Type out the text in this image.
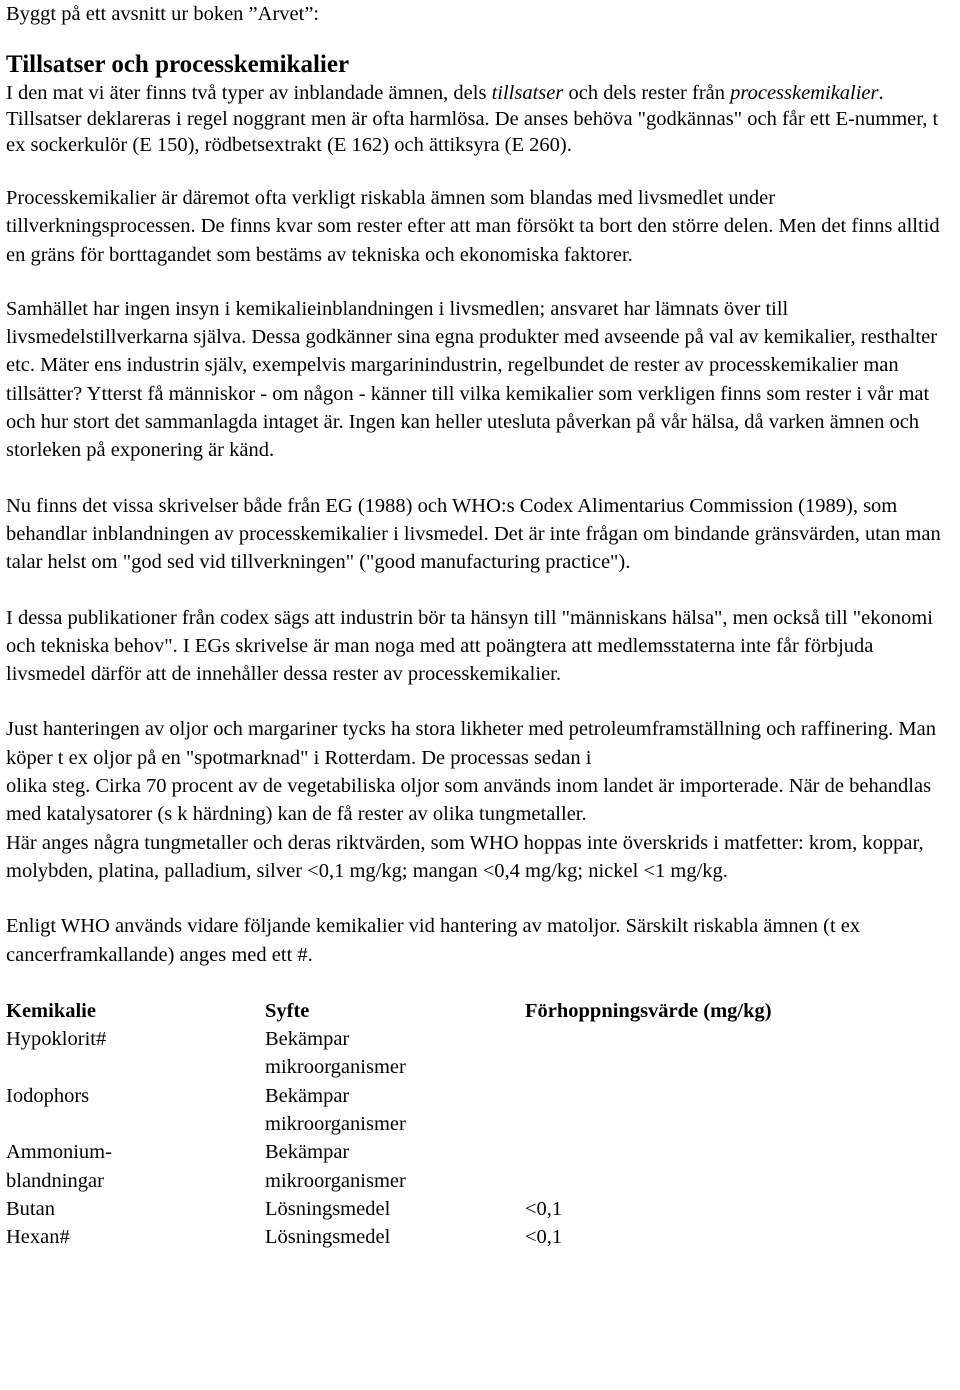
Byggt på ett avsnitt ur boken ”Arvet”:

Tillsatser och processkemikalier

I den mat vi äter finns två typer av inblandade ämnen, dels tillsatser och dels rester från processkemikalier. Tillsatser deklareras i regel noggrant men är ofta harmlösa. De anses behöva "godkännas" och får ett E-nummer, t ex sockerkulör (E 150), rödbetsextrakt (E 162) och ättiksyra (E 260).

Processkemikalier är däremot ofta verkligt riskabla ämnen som blandas med livsmedlet under tillverkningsprocessen. De finns kvar som rester efter att man försökt ta bort den större delen. Men det finns alltid en gräns för borttagandet som bestäms av tekniska och ekonomiska faktorer.

Samhället har ingen insyn i kemikalieinblandningen i livsmedlen; ansvaret har lämnats över till livsmedelstillverkarna själva. Dessa godkänner sina egna produkter med avseende på val av kemikalier, resthalter etc. Mäter ens industrin själv, exempelvis margarinindustrin, regelbundet de rester av processkemikalier man tillsätter? Ytterst få människor - om någon - känner till vilka kemikalier som verkligen finns som rester i vår mat och hur stort det sammanlagda intaget är. Ingen kan heller utesluta påverkan på vår hälsa, då varken ämnen och storleken på exponering är känd.

Nu finns det vissa skrivelser både från EG (1988) och WHO:s Codex Alimentarius Commission (1989), som behandlar inblandningen av processkemikalier i livsmedel. Det är inte frågan om bindande gränsvärden, utan man talar helst om "god sed vid tillverkningen" ("good manufacturing practice").

I dessa publikationer från codex sägs att industrin bör ta hänsyn till "människans hälsa", men också till "ekonomi och tekniska behov". I EGs skrivelse är man noga med att poängtera att medlemsstaterna inte får förbjuda livsmedel därför att de innehåller dessa rester av processkemikalier.

Just hanteringen av oljor och margariner tycks ha stora likheter med petroleumframställning och raffinering. Man köper t ex oljor på en "spotmarknad" i Rotterdam. De processas sedan i
olika steg. Cirka 70 procent av de vegetabiliska oljor som används inom landet är importerade. När de behandlas med katalysatorer (s k härdning) kan de få rester av olika tungmetaller.
Här anges några tungmetaller och deras riktvärden, som WHO hoppas inte överskrids i matfetter: krom, koppar, molybden, platina, palladium, silver <0,1 mg/kg; mangan <0,4 mg/kg; nickel <1 mg/kg.

Enligt WHO används vidare följande kemikalier vid hantering av matoljor. Särskilt riskabla ämnen (t ex cancerframkallande) anges med ett #.

Kemikalie	Syfte	Förhoppningsvärde (mg/kg)
Hypoklorit#	Bekämpar mikroorganismer	

Iodophors	Bekämpar mikroorganismer	

Ammonium-blandningar	Bekämpar mikroorganismer	

Butan	Lösningsmedel	<0,1
Hexan#	Lösningsmedel	<0,1
